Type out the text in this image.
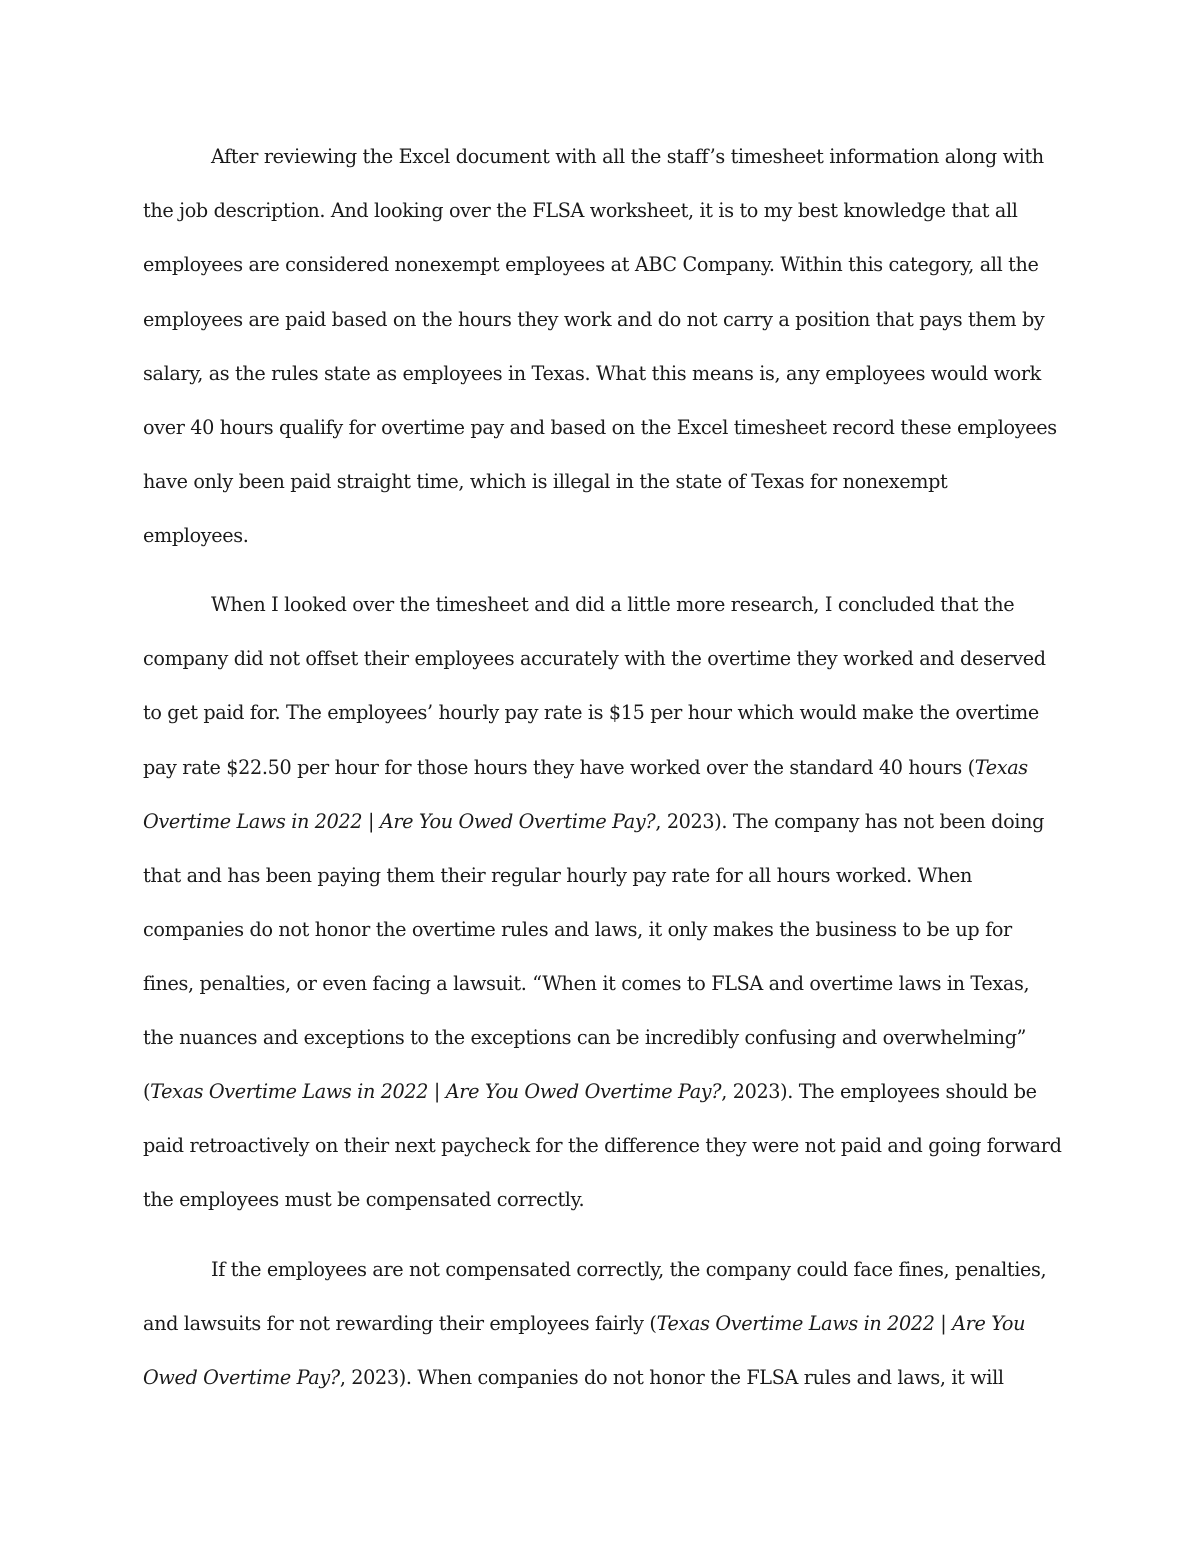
After reviewing the Excel document with all the staff’s timesheet information along with
the job description. And looking over the FLSA worksheet, it is to my best knowledge that all
employees are considered nonexempt employees at ABC Company. Within this category, all the
employees are paid based on the hours they work and do not carry a position that pays them by
salary, as the rules state as employees in Texas. What this means is, any employees would work
over 40 hours qualify for overtime pay and based on the Excel timesheet record these employees
have only been paid straight time, which is illegal in the state of Texas for nonexempt
employees.
When I looked over the timesheet and did a little more research, I concluded that the
company did not offset their employees accurately with the overtime they worked and deserved
to get paid for. The employees’ hourly pay rate is $15 per hour which would make the overtime
pay rate $22.50 per hour for those hours they have worked over the standard 40 hours (Texas
Overtime Laws in 2022 | Are You Owed Overtime Pay?, 2023). The company has not been doing
that and has been paying them their regular hourly pay rate for all hours worked. When
companies do not honor the overtime rules and laws, it only makes the business to be up for
fines, penalties, or even facing a lawsuit. “When it comes to FLSA and overtime laws in Texas,
the nuances and exceptions to the exceptions can be incredibly confusing and overwhelming”
(Texas Overtime Laws in 2022 | Are You Owed Overtime Pay?, 2023). The employees should be
paid retroactively on their next paycheck for the difference they were not paid and going forward
the employees must be compensated correctly.
If the employees are not compensated correctly, the company could face fines, penalties,
and lawsuits for not rewarding their employees fairly (Texas Overtime Laws in 2022 | Are You
Owed Overtime Pay?, 2023). When companies do not honor the FLSA rules and laws, it will
